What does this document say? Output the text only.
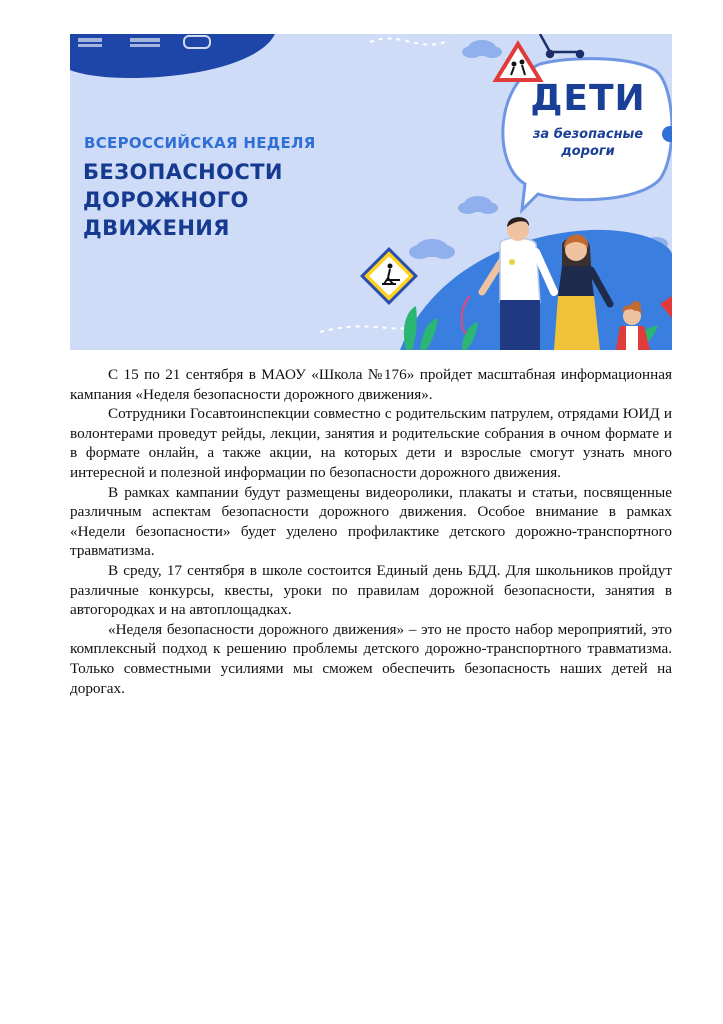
ВСЕРОССИЙСКАЯ НЕДЕЛЯ

БЕЗОПАСНОСТИ
ДОРОЖНОГО
ДВИЖЕНИЯ
ДЕТИ
за безопасные
дороги

С 15 по 21 сентября в МАОУ «Школа №176» пройдет масштабная информационная кампания «Неделя безопасности дорожного движения».

Сотрудники Госавтоинспекции совместно с родительским патрулем, отрядами ЮИД и волонтерами проведут рейды, лекции, занятия и родительские собрания в очном формате и в формате онлайн, а также акции, на которых дети и взрослые смогут узнать много интересной и полезной информации по безопасности дорожного движения.

В рамках кампании будут размещены видеоролики, плакаты и статьи, посвященные различным аспектам безопасности дорожного движения. Особое внимание в рамках «Недели безопасности» будет уделено профилактике детского дорожно-транспортного травматизма.

В среду, 17 сентября в школе состоится Единый день БДД. Для школьников пройдут различные конкурсы, квесты, уроки по правилам дорожной безопасности, занятия в автогородках и на автоплощадках.

«Неделя безопасности дорожного движения» – это не просто набор мероприятий, это комплексный подход к решению проблемы детского дорожно-транспортного травматизма. Только совместными усилиями мы сможем обеспечить безопасность наших детей на дорогах.
